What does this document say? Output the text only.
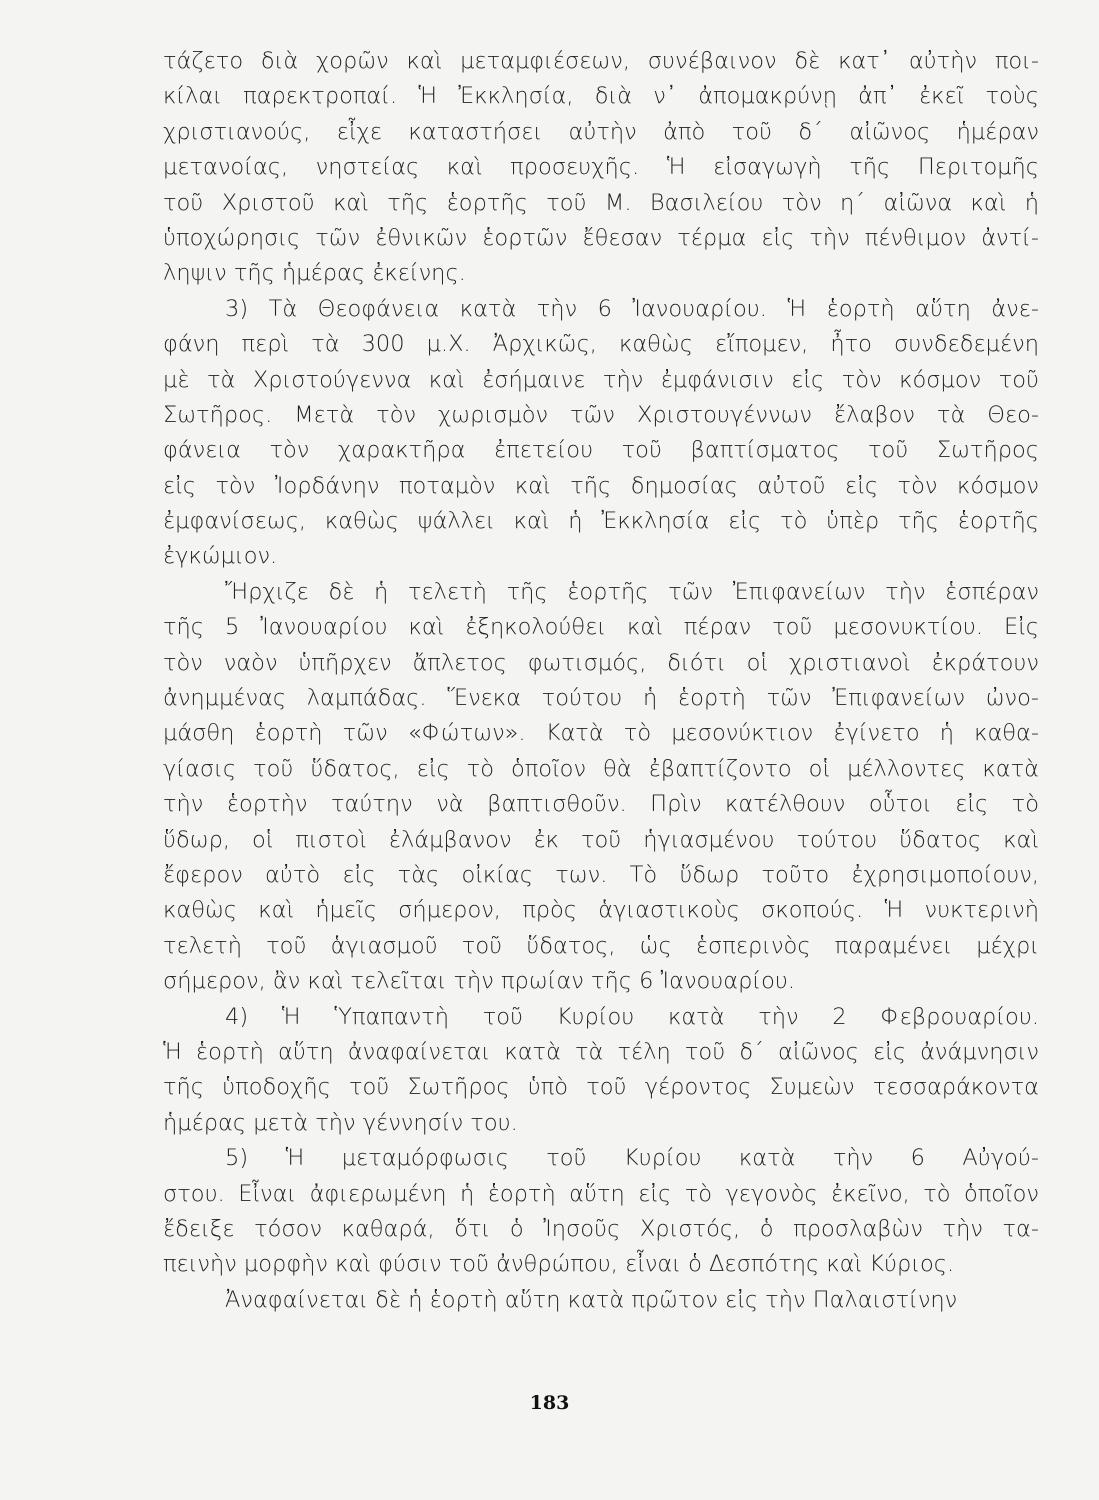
τάζετο διὰ χορῶν καὶ μεταμφιέσεων, συνέβαινον δὲ κατ᾿ αὐτὴν ποι-
κίλαι παρεκτροπαί. Ἡ Ἐκκλησία, διὰ ν᾿ ἀπομακρύνῃ ἀπ᾿ ἐκεῖ τοὺς
χριστιανούς, εἶχε καταστήσει αὐτὴν ἀπὸ τοῦ δ΄ αἰῶνος ἡμέραν
μετανοίας, νηστείας καὶ προσευχῆς. Ἡ εἰσαγωγὴ τῆς Περιτομῆς
τοῦ Χριστοῦ καὶ τῆς ἑορτῆς τοῦ Μ. Βασιλείου τὸν η΄ αἰῶνα καὶ ἡ
ὑποχώρησις τῶν ἐθνικῶν ἑορτῶν ἔθεσαν τέρμα εἰς τὴν πένθιμον ἀντί-
ληψιν τῆς ἡμέρας ἐκείνης.
3) Τὰ Θεοφάνεια κατὰ τὴν 6 Ἰανουαρίου. Ἡ ἑορτὴ αὕτη ἀνε-
φάνη περὶ τὰ 300 μ.Χ. Ἀρχικῶς, καθὼς εἴπομεν, ἦτο συνδεδεμένη
μὲ τὰ Χριστούγεννα καὶ ἐσήμαινε τὴν ἐμφάνισιν εἰς τὸν κόσμον τοῦ
Σωτῆρος. Μετὰ τὸν χωρισμὸν τῶν Χριστουγέννων ἔλαβον τὰ Θεο-
φάνεια τὸν χαρακτῆρα ἐπετείου τοῦ βαπτίσματος τοῦ Σωτῆρος
εἰς τὸν Ἰορδάνην ποταμὸν καὶ τῆς δημοσίας αὐτοῦ εἰς τὸν κόσμον
ἐμφανίσεως, καθὼς ψάλλει καὶ ἡ Ἐκκλησία εἰς τὸ ὑπὲρ τῆς ἑορτῆς
ἐγκώμιον.
Ἤρχιζε δὲ ἡ τελετὴ τῆς ἑορτῆς τῶν Ἐπιφανείων τὴν ἑσπέραν
τῆς 5 Ἰανουαρίου καὶ ἐξηκολούθει καὶ πέραν τοῦ μεσονυκτίου. Εἰς
τὸν ναὸν ὑπῆρχεν ἄπλετος φωτισμός, διότι οἱ χριστιανοὶ ἐκράτουν
ἀνημμένας λαμπάδας. Ἕνεκα τούτου ἡ ἑορτὴ τῶν Ἐπιφανείων ὠνο-
μάσθη ἑορτὴ τῶν «Φώτων». Κατὰ τὸ μεσονύκτιον ἐγίνετο ἡ καθα-
γίασις τοῦ ὕδατος, εἰς τὸ ὁποῖον θὰ ἐβαπτίζοντο οἱ μέλλοντες κατὰ
τὴν ἑορτὴν ταύτην νὰ βαπτισθοῦν. Πρὶν κατέλθουν οὗτοι εἰς τὸ
ὕδωρ, οἱ πιστοὶ ἐλάμβανον ἐκ τοῦ ἡγιασμένου τούτου ὕδατος καὶ
ἔφερον αὐτὸ εἰς τὰς οἰκίας των. Τὸ ὕδωρ τοῦτο ἐχρησιμοποίουν,
καθὼς καὶ ἡμεῖς σήμερον, πρὸς ἁγιαστικοὺς σκοπούς. Ἡ νυκτερινὴ
τελετὴ τοῦ ἁγιασμοῦ τοῦ ὕδατος, ὡς ἑσπερινὸς παραμένει μέχρι
σήμερον, ἂν καὶ τελεῖται τὴν πρωίαν τῆς 6 Ἰανουαρίου.
4) Ἡ Ὑπαπαντὴ τοῦ Κυρίου κατὰ τὴν 2 Φεβρουαρίου.
Ἡ ἑορτὴ αὕτη ἀναφαίνεται κατὰ τὰ τέλη τοῦ δ΄ αἰῶνος εἰς ἀνάμνησιν
τῆς ὑποδοχῆς τοῦ Σωτῆρος ὑπὸ τοῦ γέροντος Συμεὼν τεσσαράκοντα
ἡμέρας μετὰ τὴν γέννησίν του.
5) Ἡ μεταμόρφωσις τοῦ Κυρίου κατὰ τὴν 6 Αὐγού-
στου. Εἶναι ἀφιερωμένη ἡ ἑορτὴ αὕτη εἰς τὸ γεγονὸς ἐκεῖνο, τὸ ὁποῖον
ἔδειξε τόσον καθαρά, ὅτι ὁ Ἰησοῦς Χριστός, ὁ προσλαβὼν τὴν τα-
πεινὴν μορφὴν καὶ φύσιν τοῦ ἀνθρώπου, εἶναι ὁ Δεσπότης καὶ Κύριος.
Ἀναφαίνεται δὲ ἡ ἑορτὴ αὕτη κατὰ πρῶτον εἰς τὴν Παλαιστίνην
183
